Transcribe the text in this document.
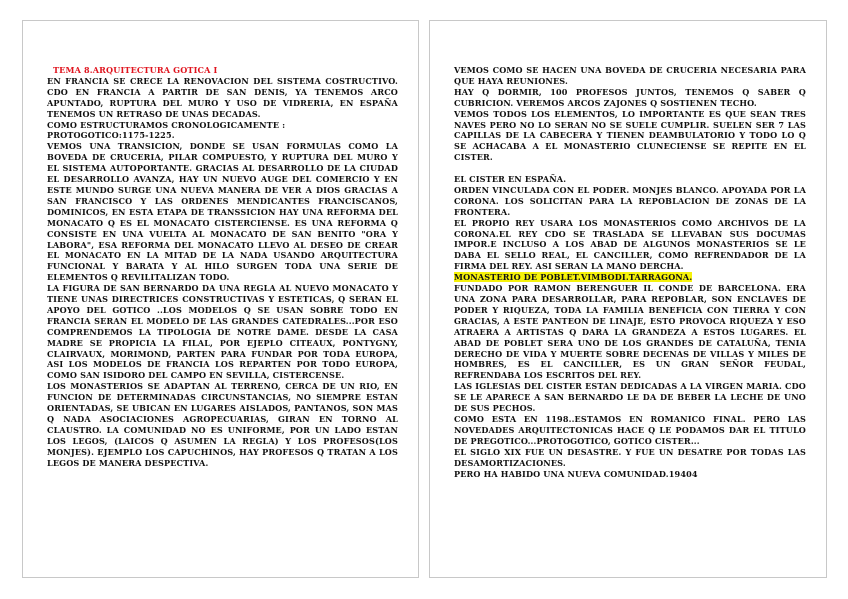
TEMA 8.ARQUITECTURA GOTICA I

EN FRANCIA SE CRECE LA RENOVACION DEL SISTEMA COSTRUCTIVO. CDO EN FRANCIA A PARTIR DE SAN DENIS, YA TENEMOS ARCO APUNTADO, RUPTURA DEL MURO Y USO DE VIDRERIA, EN ESPAÑA TENEMOS UN RETRASO DE UNAS DECADAS.

COMO ESTRUCTURAMOS CRONOLOGICAMENTE :

PROTOGOTICO:1175-1225.

VEMOS UNA TRANSICION, DONDE SE USAN FORMULAS COMO LA BOVEDA DE CRUCERIA, PILAR COMPUESTO, Y RUPTURA DEL MURO Y EL SISTEMA AUTOPORTANTE. GRACIAS AL DESARROLLO DE LA CIUDAD EL DESARROLLO AVANZA, HAY UN NUEVO AUGE DEL COMERCIO Y EN ESTE MUNDO SURGE UNA NUEVA MANERA DE VER A DIOS GRACIAS A SAN FRANCISCO Y LAS ORDENES MENDICANTES FRANCISCANOS, DOMINICOS, EN ESTA ETAPA DE TRANSSICION HAY UNA REFORMA DEL MONACATO Q ES EL MONACATO CISTERCIENSE. ES UNA REFORMA Q CONSISTE EN UNA VUELTA AL MONACATO DE SAN BENITO "ORA Y LABORA", ESA REFORMA DEL MONACATO LLEVO AL DESEO DE CREAR EL MONACATO EN LA MITAD DE LA NADA USANDO ARQUITECTURA FUNCIONAL Y BARATA Y AL HILO SURGEN TODA UNA SERIE DE ELEMENTOS Q REVILITALIZAN TODO.

LA FIGURA DE SAN BERNARDO DA UNA REGLA AL NUEVO MONACATO Y TIENE UNAS DIRECTRICES CONSTRUCTIVAS Y ESTETICAS, Q SERAN EL APOYO DEL GOTICO ..LOS MODELOS Q SE USAN SOBRE TODO EN FRANCIA SERAN EL MODELO DE LAS GRANDES CATEDRALES...POR ESO COMPRENDEMOS LA TIPOLOGIA DE NOTRE DAME. DESDE LA CASA MADRE SE PROPICIA LA FILAL, POR EJEPLO CITEAUX, PONTYGNY, CLAIRVAUX, MORIMOND, PARTEN PARA FUNDAR POR TODA EUROPA, ASI LOS MODELOS DE FRANCIA LOS REPARTEN POR TODO EUROPA, COMO SAN ISIDORO DEL CAMPO EN SEVILLA, CISTERCENSE.

LOS MONASTERIOS SE ADAPTAN AL TERRENO, CERCA DE UN RIO, EN FUNCION DE DETERMINADAS CIRCUNSTANCIAS, NO SIEMPRE ESTAN ORIENTADAS, SE UBICAN EN LUGARES AISLADOS, PANTANOS, SON MAS Q NADA ASOCIACIONES AGROPECUARIAS, GIRAN EN TORNO AL CLAUSTRO. LA COMUNIDAD NO ES UNIFORME, POR UN LADO ESTAN LOS LEGOS, (LAICOS Q ASUMEN LA REGLA) Y LOS PROFESOS(LOS MONJES). EJEMPLO LOS CAPUCHINOS, HAY PROFESOS Q TRATAN A LOS LEGOS DE MANERA DESPECTIVA.

VEMOS COMO SE HACEN UNA BOVEDA DE CRUCERIA NECESARIA PARA QUE HAYA REUNIONES.

HAY Q DORMIR, 100 PROFESOS JUNTOS, TENEMOS Q SABER Q CUBRICION. VEREMOS ARCOS ZAJONES Q SOSTIENEN TECHO.

VEMOS TODOS LOS ELEMENTOS, LO IMPORTANTE ES QUE SEAN TRES NAVES PERO NO LO SERAN NO SE SUELE CUMPLIR. SUELEN SER 7 LAS CAPILLAS DE LA CABECERA Y TIENEN DEAMBULATORIO Y TODO LO Q SE ACHACABA A EL MONASTERIO CLUNECIENSE SE REPITE EN EL CISTER.

EL CISTER EN ESPAÑA.

ORDEN VINCULADA CON EL PODER. MONJES BLANCO. APOYADA POR LA CORONA. LOS SOLICITAN PARA LA REPOBLACION DE ZONAS DE LA FRONTERA.

EL PROPIO REY USARA LOS MONASTERIOS COMO ARCHIVOS DE LA CORONA.EL REY CDO SE TRASLADA SE LLEVABAN SUS DOCUMAS IMPOR.E INCLUSO A LOS ABAD DE ALGUNOS MONASTERIOS SE LE DABA EL SELLO REAL, EL CANCILLER, COMO REFRENDADOR DE LA FIRMA DEL REY. ASI SERAN LA MANO DERCHA.

MONASTERIO DE POBLET.VIMBODI.TARRAGONA.

FUNDADO POR RAMON BERENGUER IL CONDE DE BARCELONA. ERA UNA ZONA PARA DESARROLLAR, PARA REPOBLAR, SON ENCLAVES DE PODER Y RIQUEZA, TODA LA FAMILIA BENEFICIA CON TIERRA Y CON GRACIAS, A ESTE PANTEON DE LINAJE, ESTO PROVOCA RIQUEZA Y ESO ATRAERA A ARTISTAS Q DARA LA GRANDEZA A ESTOS LUGARES. EL ABAD DE POBLET SERA UNO DE LOS GRANDES DE CATALUÑA, TENIA DERECHO DE VIDA Y MUERTE SOBRE DECENAS DE VILLAS Y MILES DE HOMBRES, ES EL CANCILLER, ES UN GRAN SEÑOR FEUDAL, REFRENDABA LOS ESCRITOS DEL REY.

LAS IGLESIAS DEL CISTER ESTAN DEDICADAS A LA VIRGEN MARIA. CDO SE LE APARECE A SAN BERNARDO LE DA DE BEBER LA LECHE DE UNO DE SUS PECHOS.

COMO ESTA EN 1198..ESTAMOS EN ROMANICO FINAL. PERO LAS NOVEDADES ARQUITECTONICAS HACE Q LE PODAMOS DAR EL TITULO DE PREGOTICO...PROTOGOTICO, GOTICO CISTER...

EL SIGLO XIX FUE UN DESASTRE. Y FUE UN DESATRE POR TODAS LAS DESAMORTIZACIONES.

PERO HA HABIDO UNA NUEVA COMUNIDAD.19404
